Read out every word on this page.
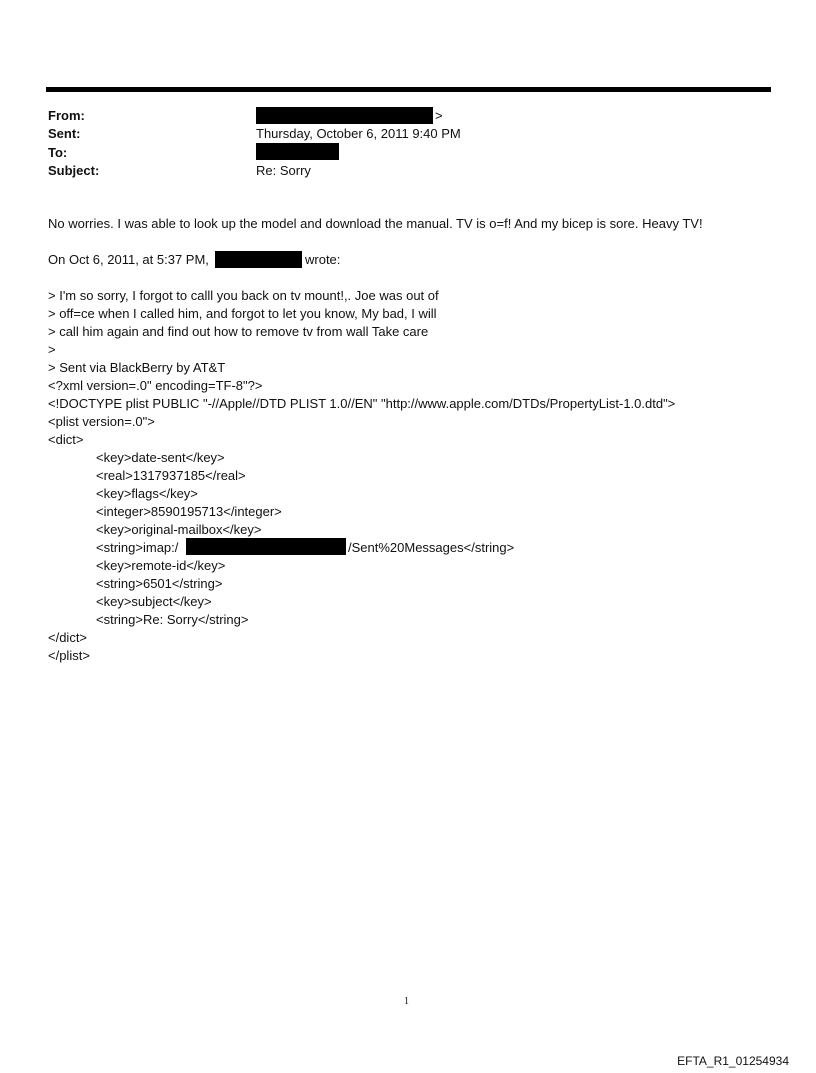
From:	>
Sent:	Thursday, October 6, 2011 9:40 PM
To:
Subject:	Re: Sorry
No worries. I was able to look up the model and download the manual. TV is o=f! And my bicep is sore. Heavy TV!
On Oct 6, 2011, at 5:37 PM,	wrote:
> I'm so sorry, I forgot to calll you back on tv mount!,. Joe was out of
> off=ce when I called him, and forgot to let you know, My bad, I will
> call him again and find out how to remove tv from wall Take care
>
> Sent via BlackBerry by AT&T
<?xml version=.0" encoding=TF-8"?>
<!DOCTYPE plist PUBLIC "-//Apple//DTD PLIST 1.0//EN" "http://www.apple.com/DTDs/PropertyList-1.0.dtd">
<plist version=.0">
<dict>
<key>date-sent</key>
<real>1317937185</real>
<key>flags</key>
<integer>8590195713</integer>
<key>original-mailbox</key>
<string>imap:/	/Sent%20Messages</string>
<key>remote-id</key>
<string>6501</string>
<key>subject</key>
<string>Re: Sorry</string>
</dict>
</plist>
1
EFTA_R1_01254934
